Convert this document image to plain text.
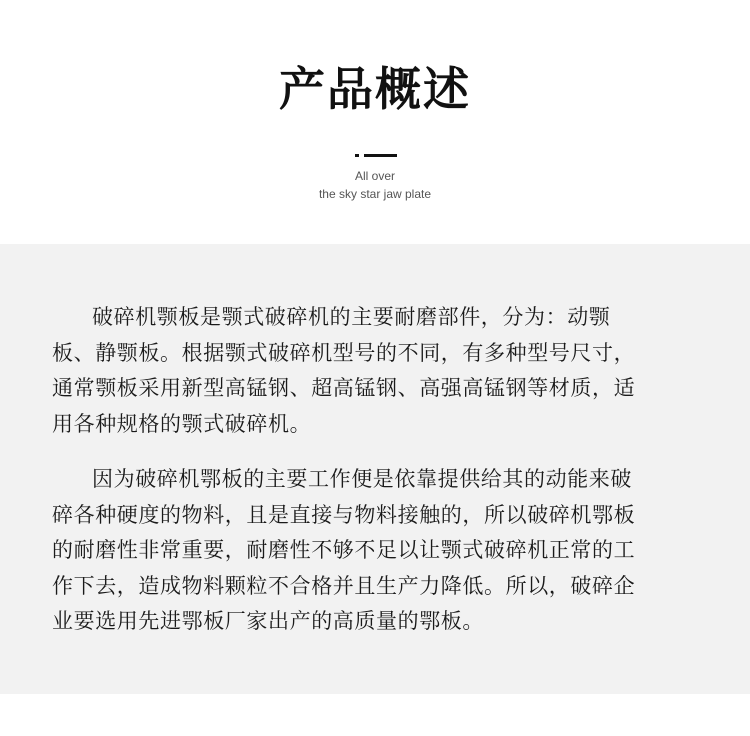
产品概述
All over
the sky star jaw plate
破碎机颚板是颚式破碎机的主要耐磨部件，分为：动颚
板、静颚板。根据颚式破碎机型号的不同，有多种型号尺寸，
通常颚板采用新型高锰钢、超高锰钢、高强高锰钢等材质，适
用各种规格的颚式破碎机。
因为破碎机鄂板的主要工作便是依靠提供给其的动能来破
碎各种硬度的物料，且是直接与物料接触的，所以破碎机鄂板
的耐磨性非常重要，耐磨性不够不足以让颚式破碎机正常的工
作下去，造成物料颗粒不合格并且生产力降低。所以，破碎企
业要选用先进鄂板厂家出产的高质量的鄂板。
